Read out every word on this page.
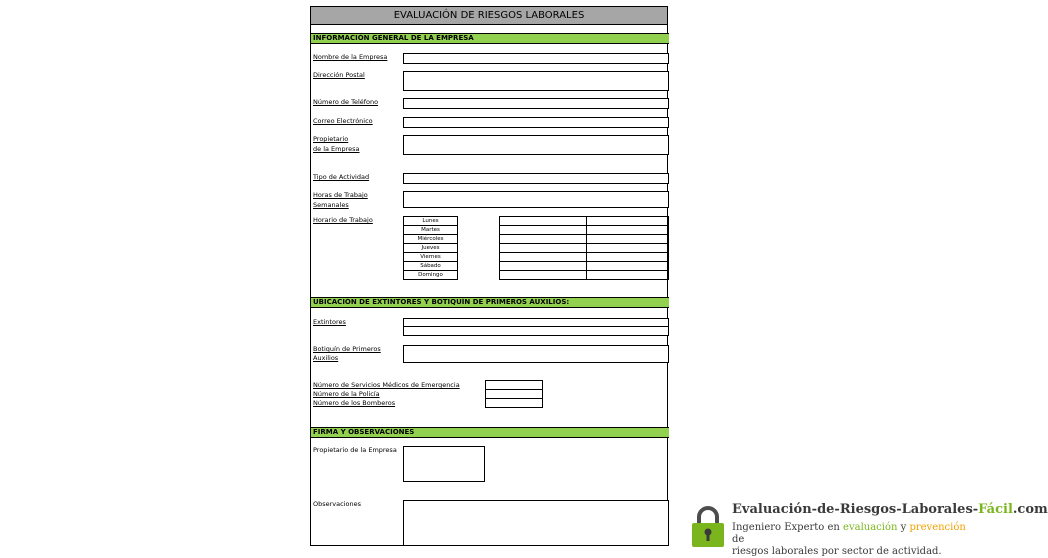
EVALUACIÓN DE RIESGOS LABORALES
INFORMACIÓN GENERAL DE LA EMPRESA
Nombre de la Empresa
Dirección Postal
Número de Teléfono
Correo Electrónico
Propietario
de la Empresa
Tipo de Actividad
Horas de Trabajo
Semanales
Horario de Trabajo	Lunes
Martes
Miércoles
Jueves
Viernes
Sábado
Domingo

UBICACIÓN DE EXTINTORES Y BOTIQUÍN DE PRIMEROS AUXILIOS:
Extintores
Botiquín de Primeros
Auxilios
Número de Servicios Médicos de Emergencia
Número de la Policía
Número de los Bomberos

FIRMA Y OBSERVACIONES
Propietario de la Empresa
Observaciones	Evaluación-de-Riesgos-Laborales-Fácil.com
Ingeniero Experto en evaluación y prevención de
riesgos laborales por sector de actividad.
